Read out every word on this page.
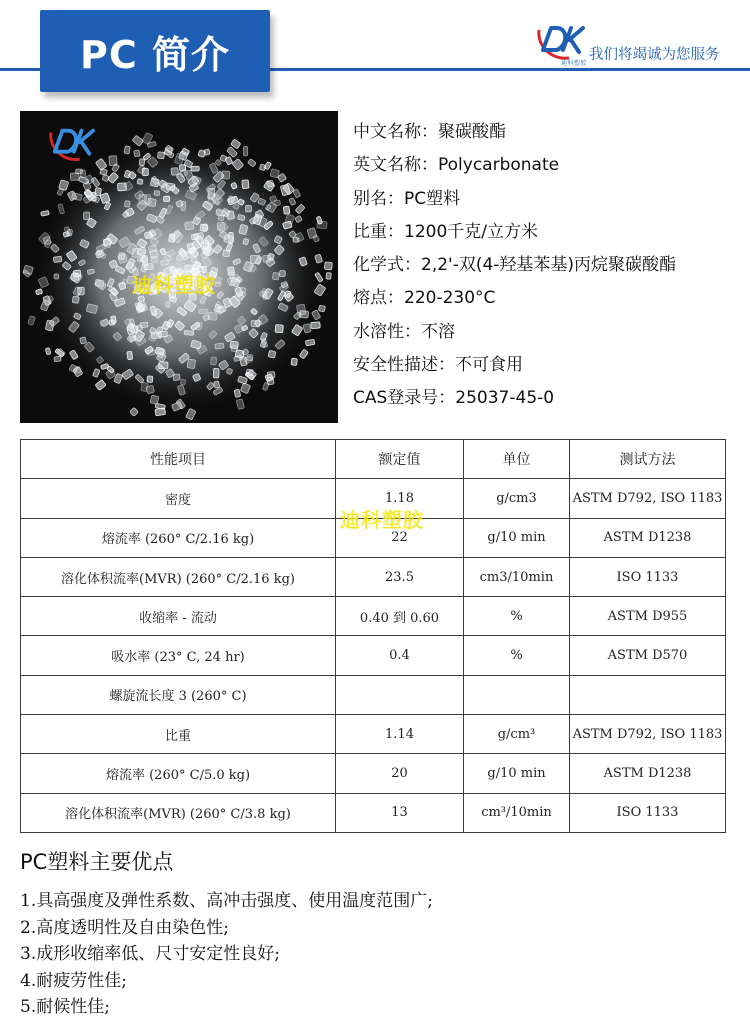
PC 简介	迪科塑胶
我们将竭诚为您服务
迪科塑胶
中文名称：聚碳酸酯
英文名称：Polycarbonate
别名：PC塑料
比重：1200千克/立方米
化学式：2,2'-双(4-羟基苯基)丙烷聚碳酸酯
熔点：220-230°C
水溶性：不溶
安全性描述：不可食用
CAS登录号：25037-45-0
性能项目	额定值	单位	测试方法
密度	1.18	g/cm3	ASTM D792, ISO 1183
熔流率 (260° C/2.16 kg)	22	g/10 min	ASTM D1238
溶化体积流率(MVR) (260° C/2.16 kg)	23.5	cm3/10min	ISO 1133
收缩率 - 流动	0.40 到 0.60	%	ASTM D955
吸水率 (23° C, 24 hr)	0.4	%	ASTM D570
螺旋流长度 3 (260° C)			
比重	1.14	g/cm³	ASTM D792, ISO 1183
熔流率 (260° C/5.0 kg)	20	g/10 min	ASTM D1238
溶化体积流率(MVR) (260° C/3.8 kg)	13	cm³/10min	ISO 1133
迪科塑胶
PC塑料主要优点
1.具高强度及弹性系数、高冲击强度、使用温度范围广;
2.高度透明性及自由染色性;
3.成形收缩率低、尺寸安定性良好;
4.耐疲劳性佳;
5.耐候性佳;
